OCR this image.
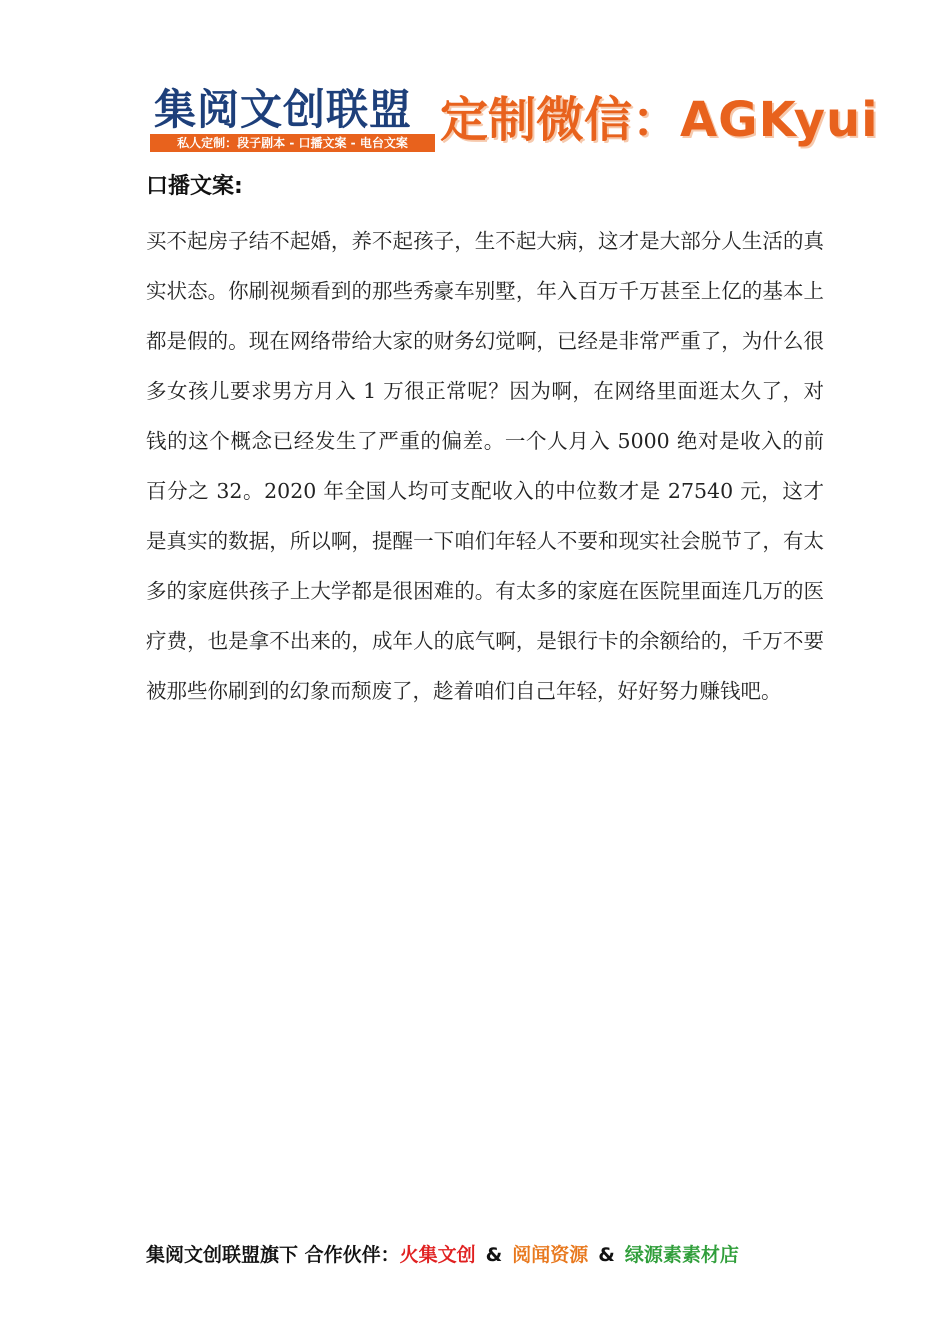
集阅文创联盟
私人定制：段子剧本 - 口播文案 - 电台文案 定制微信：AGKyui
口播文案:

买不起房子结不起婚，养不起孩子，生不起大病，这才是大部分人生活的真实状态。你刷视频看到的那些秀豪车别墅，年入百万千万甚至上亿的基本上都是假的。现在网络带给大家的财务幻觉啊，已经是非常严重了，为什么很多女孩儿要求男方月入 1 万很正常呢？因为啊，在网络里面逛太久了，对钱的这个概念已经发生了严重的偏差。一个人月入 5000 绝对是收入的前百分之 32。2020 年全国人均可支配收入的中位数才是 27540 元，这才是真实的数据，所以啊，提醒一下咱们年轻人不要和现实社会脱节了，有太多的家庭供孩子上大学都是很困难的。有太多的家庭在医院里面连几万的医疗费，也是拿不出来的，成年人的底气啊，是银行卡的余额给的，千万不要被那些你刷到的幻象而颓废了，趁着咱们自己年轻，好好努力赚钱吧。

集阅文创联盟旗下 合作伙伴：火集文创 & 阅闻资源 & 绿源素素材店
